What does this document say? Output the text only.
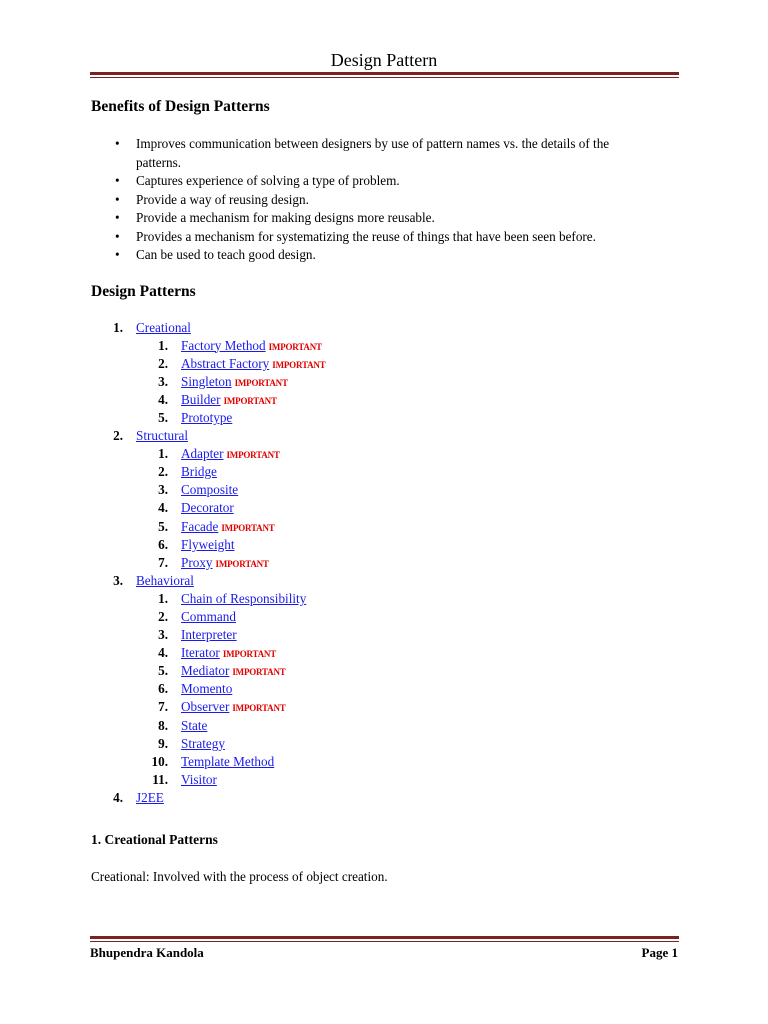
Design Pattern
Benefits of Design Patterns
• Improves communication between designers by use of pattern names vs. the details of the
patterns.
• Captures experience of solving a type of problem.
• Provide a way of reusing design.
• Provide a mechanism for making designs more reusable.
• Provides a mechanism for systematizing the reuse of things that have been seen before.
• Can be used to teach good design.
Design Patterns
1. Creational
1. Factory Method IMPORTANT
2. Abstract Factory IMPORTANT
3. Singleton IMPORTANT
4. Builder IMPORTANT
5. Prototype
2. Structural
1. Adapter IMPORTANT
2. Bridge
3. Composite
4. Decorator
5. Facade IMPORTANT
6. Flyweight
7. Proxy IMPORTANT
3. Behavioral
1. Chain of Responsibility
2. Command
3. Interpreter
4. Iterator IMPORTANT
5. Mediator IMPORTANT
6. Momento
7. Observer IMPORTANT
8. State
9. Strategy
10. Template Method
11. Visitor
4. J2EE
1. Creational Patterns
Creational: Involved with the process of object creation.
Bhupendra Kandola	Page 1
